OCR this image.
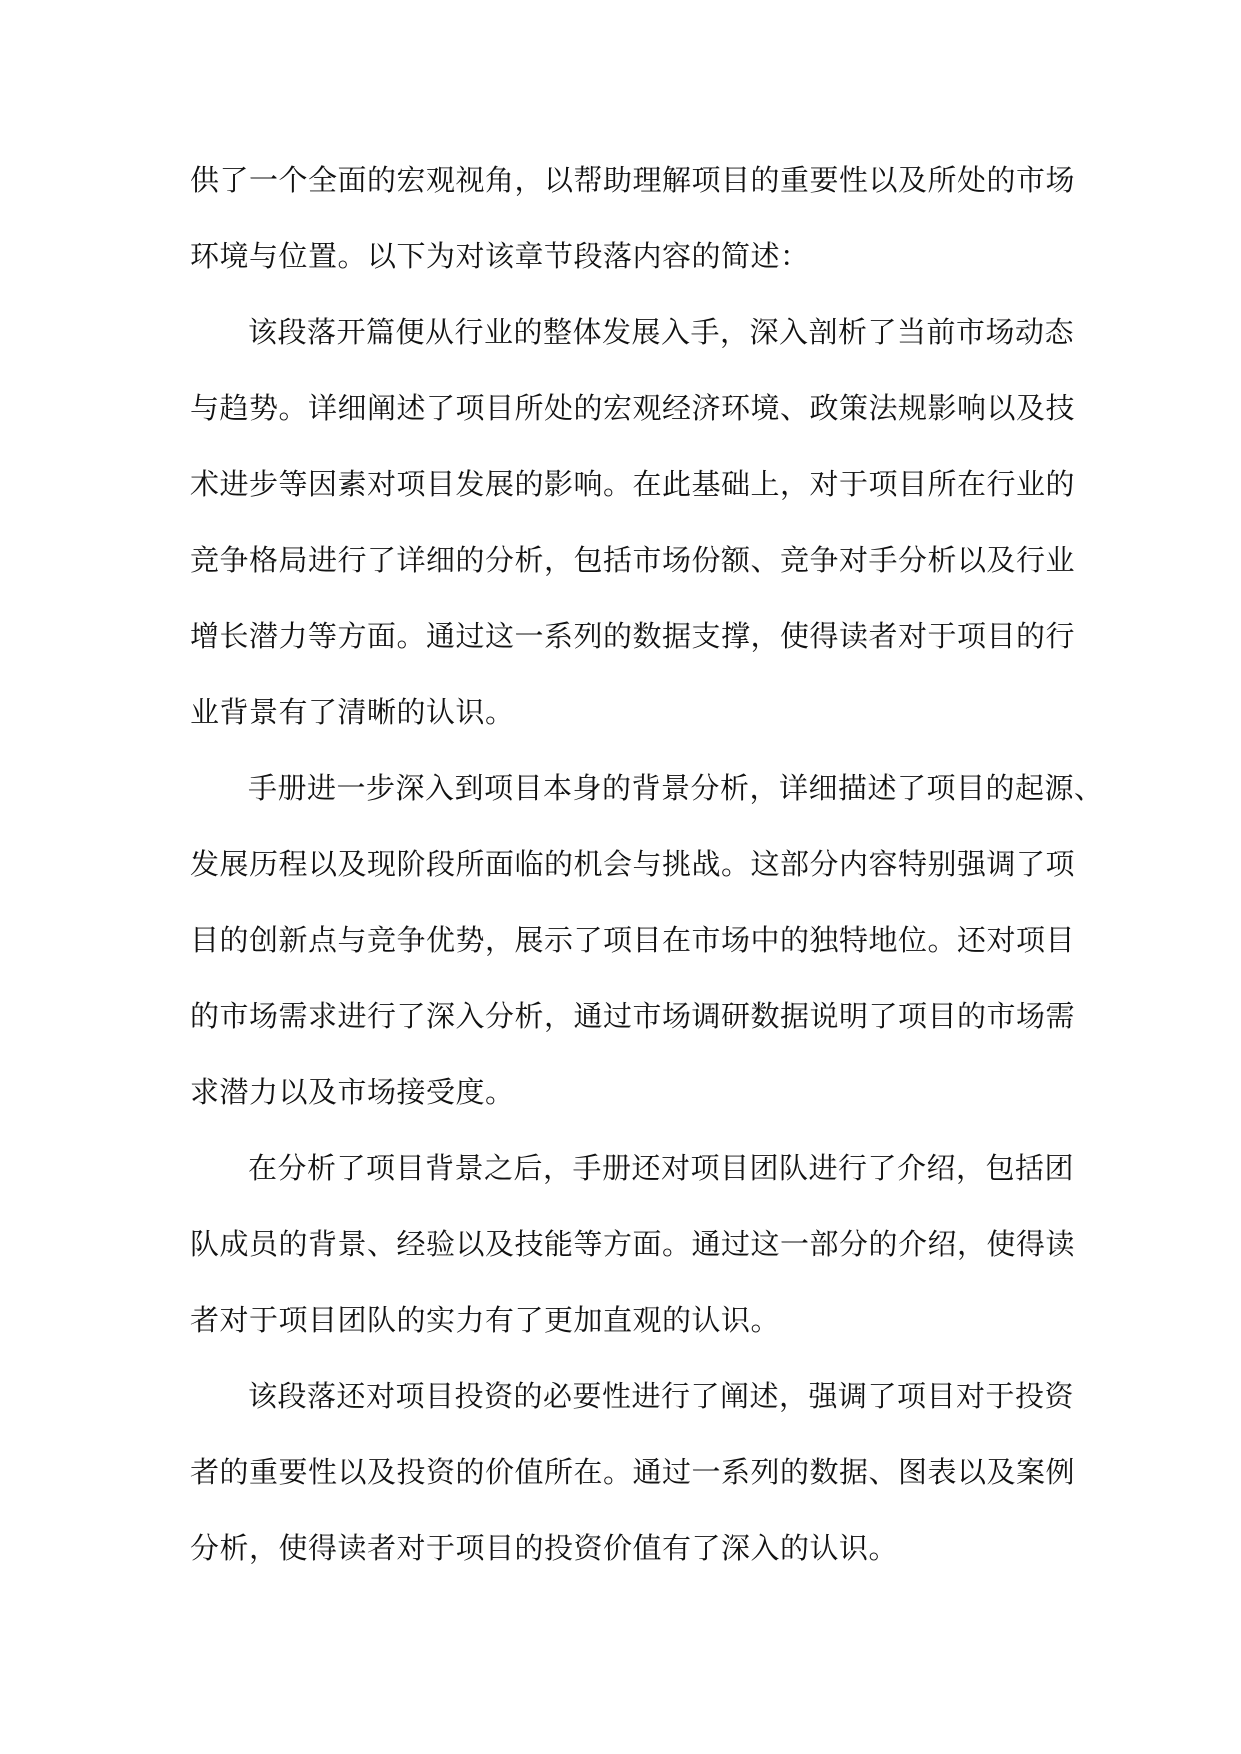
供了一个全面的宏观视角，以帮助理解项目的重要性以及所处的市场
环境与位置。以下为对该章节段落内容的简述：
该段落开篇便从行业的整体发展入手，深入剖析了当前市场动态
与趋势。详细阐述了项目所处的宏观经济环境、政策法规影响以及技
术进步等因素对项目发展的影响。在此基础上，对于项目所在行业的
竞争格局进行了详细的分析，包括市场份额、竞争对手分析以及行业
增长潜力等方面。通过这一系列的数据支撑，使得读者对于项目的行
业背景有了清晰的认识。
手册进一步深入到项目本身的背景分析，详细描述了项目的起源、
发展历程以及现阶段所面临的机会与挑战。这部分内容特别强调了项
目的创新点与竞争优势，展示了项目在市场中的独特地位。还对项目
的市场需求进行了深入分析，通过市场调研数据说明了项目的市场需
求潜力以及市场接受度。
在分析了项目背景之后，手册还对项目团队进行了介绍，包括团
队成员的背景、经验以及技能等方面。通过这一部分的介绍，使得读
者对于项目团队的实力有了更加直观的认识。
该段落还对项目投资的必要性进行了阐述，强调了项目对于投资
者的重要性以及投资的价值所在。通过一系列的数据、图表以及案例
分析，使得读者对于项目的投资价值有了深入的认识。
